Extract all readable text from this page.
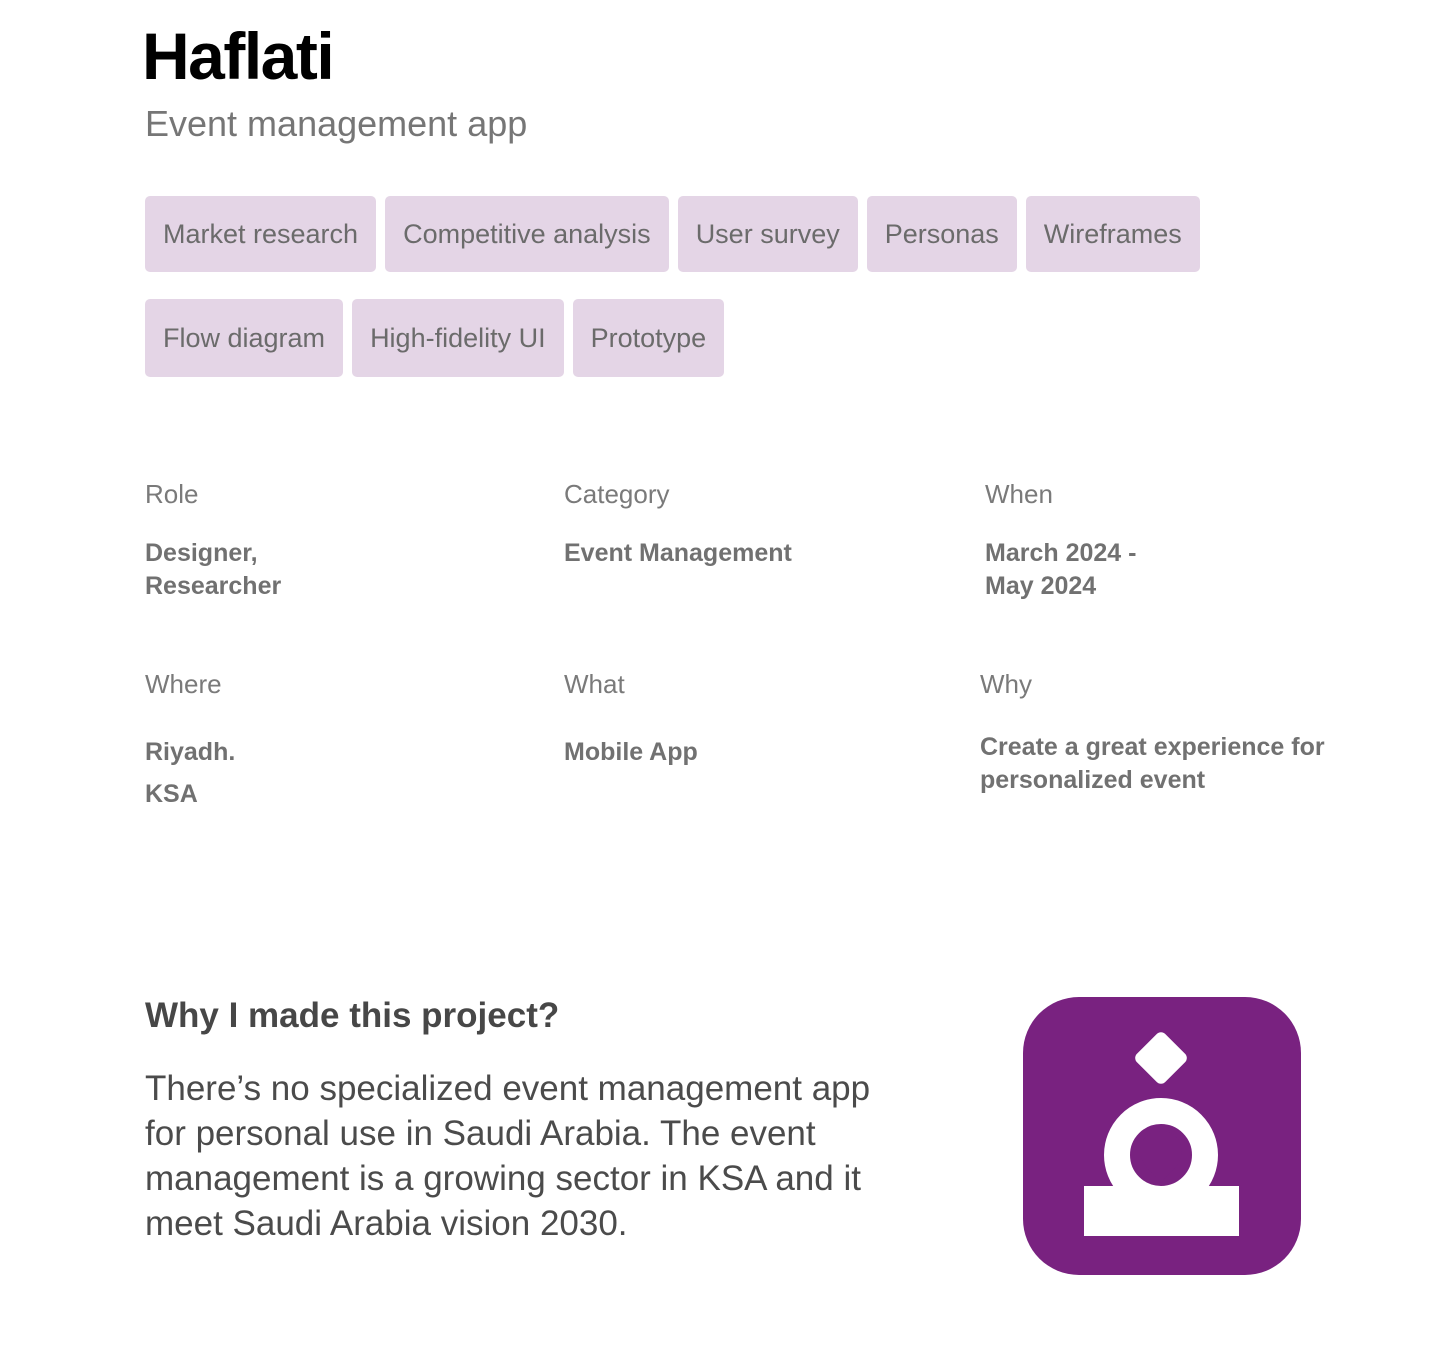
Haflati

Event management app

Market research	Competitive analysis	User survey	Personas	Wireframes
Flow diagram	High-fidelity UI	Prototype

Role

Designer,
Researcher

Category

Event Management

When

March 2024 -
May 2024

Where

Riyadh.
KSA

What

Mobile App

Why

Create a great experience for
personalized event

Why I made this project?

There’s no specialized event management app
for personal use in Saudi Arabia. The event
management is a growing sector in KSA and it
meet Saudi Arabia vision 2030.
